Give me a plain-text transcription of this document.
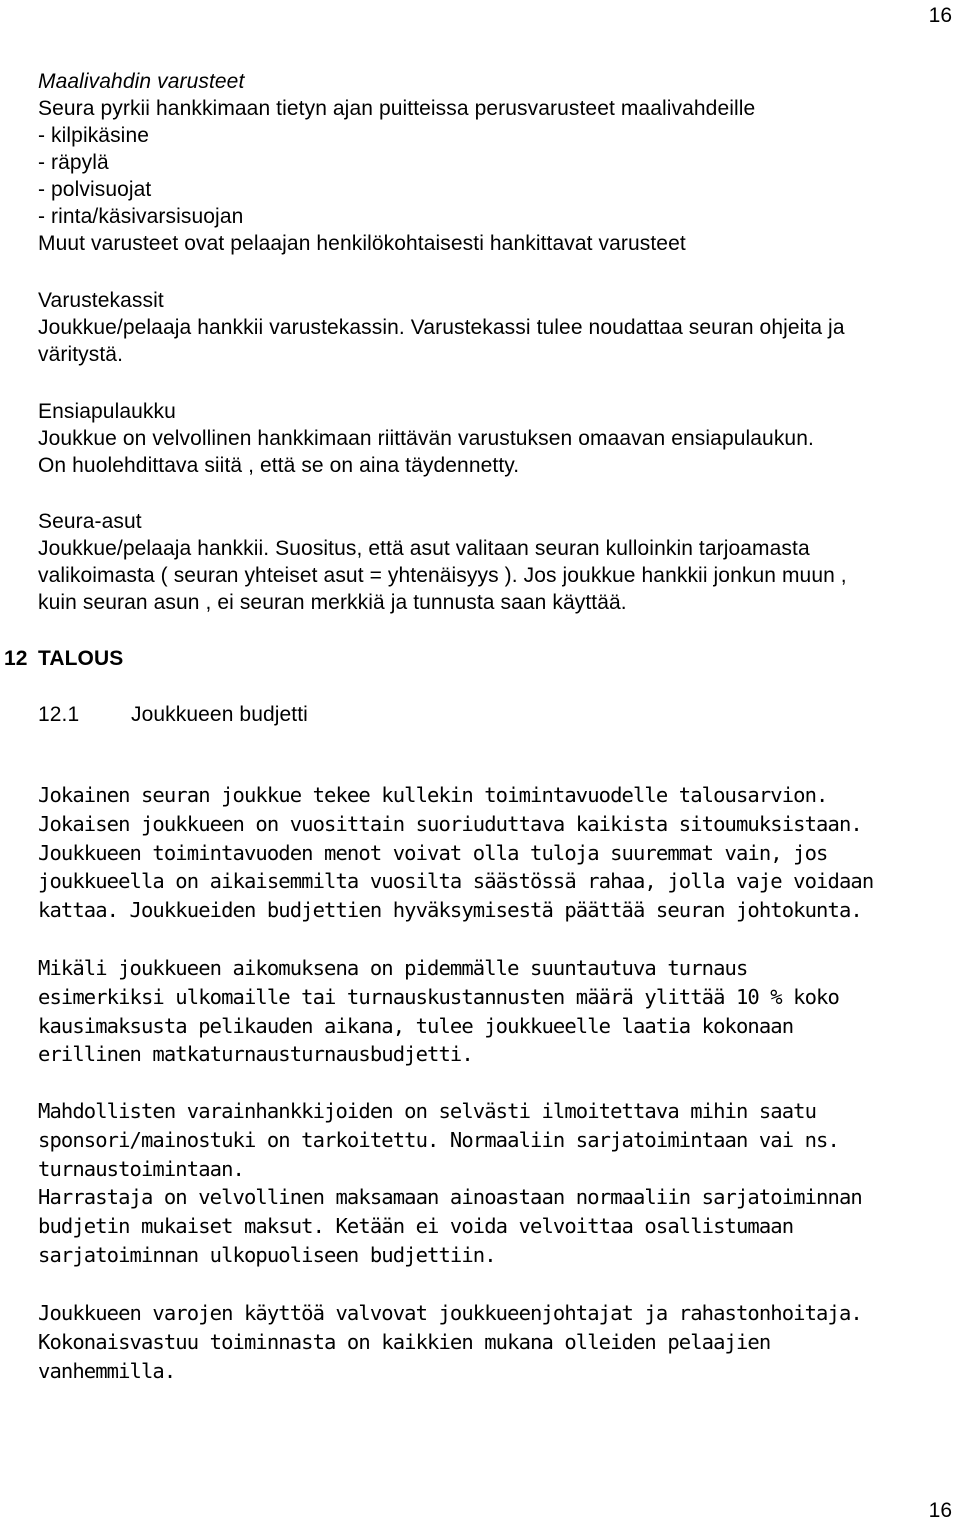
16
16
Maalivahdin varusteet
Seura pyrkii hankkimaan tietyn ajan puitteissa perusvarusteet maalivahdeille
- kilpikäsine
- räpylä
- polvisuojat
- rinta/käsivarsisuojan
Muut varusteet ovat pelaajan henkilökohtaisesti hankittavat varusteet
Varustekassit
Joukkue/pelaaja hankkii varustekassin. Varustekassi tulee noudattaa seuran ohjeita ja
väritystä.
Ensiapulaukku
Joukkue on velvollinen hankkimaan riittävän varustuksen omaavan ensiapulaukun.
On huolehdittava siitä , että se on aina täydennetty.
Seura-asut
Joukkue/pelaaja hankkii. Suositus, että asut valitaan seuran kulloinkin tarjoamasta
valikoimasta ( seuran yhteiset asut = yhtenäisyys ). Jos joukkue hankkii jonkun muun ,
kuin seuran asun , ei seuran merkkiä ja tunnusta saan käyttää.
12 TALOUS
12.1 Joukkueen budjetti
Jokainen seuran joukkue tekee kullekin toimintavuodelle talousarvion.
Jokaisen joukkueen on vuosittain suoriuduttava kaikista sitoumuksistaan.
Joukkueen toimintavuoden menot voivat olla tuloja suuremmat vain, jos
joukkueella on aikaisemmilta vuosilta säästössä rahaa, jolla vaje voidaan
kattaa. Joukkueiden budjettien hyväksymisestä päättää seuran johtokunta.
Mikäli joukkueen aikomuksena on pidemmälle suuntautuva turnaus
esimerkiksi ulkomaille tai turnauskustannusten määrä ylittää 10 % koko
kausimaksusta pelikauden aikana, tulee joukkueelle laatia kokonaan
erillinen matkaturnausturnausbudjetti.
Mahdollisten varainhankkijoiden on selvästi ilmoitettava mihin saatu
sponsori/mainostuki on tarkoitettu. Normaaliin sarjatoimintaan vai ns.
turnaustoimintaan.
Harrastaja on velvollinen maksamaan ainoastaan normaaliin sarjatoiminnan
budjetin mukaiset maksut. Ketään ei voida velvoittaa osallistumaan
sarjatoiminnan ulkopuoliseen budjettiin.
Joukkueen varojen käyttöä valvovat joukkueenjohtajat ja rahastonhoitaja.
Kokonaisvastuu toiminnasta on kaikkien mukana olleiden pelaajien
vanhemmilla.
